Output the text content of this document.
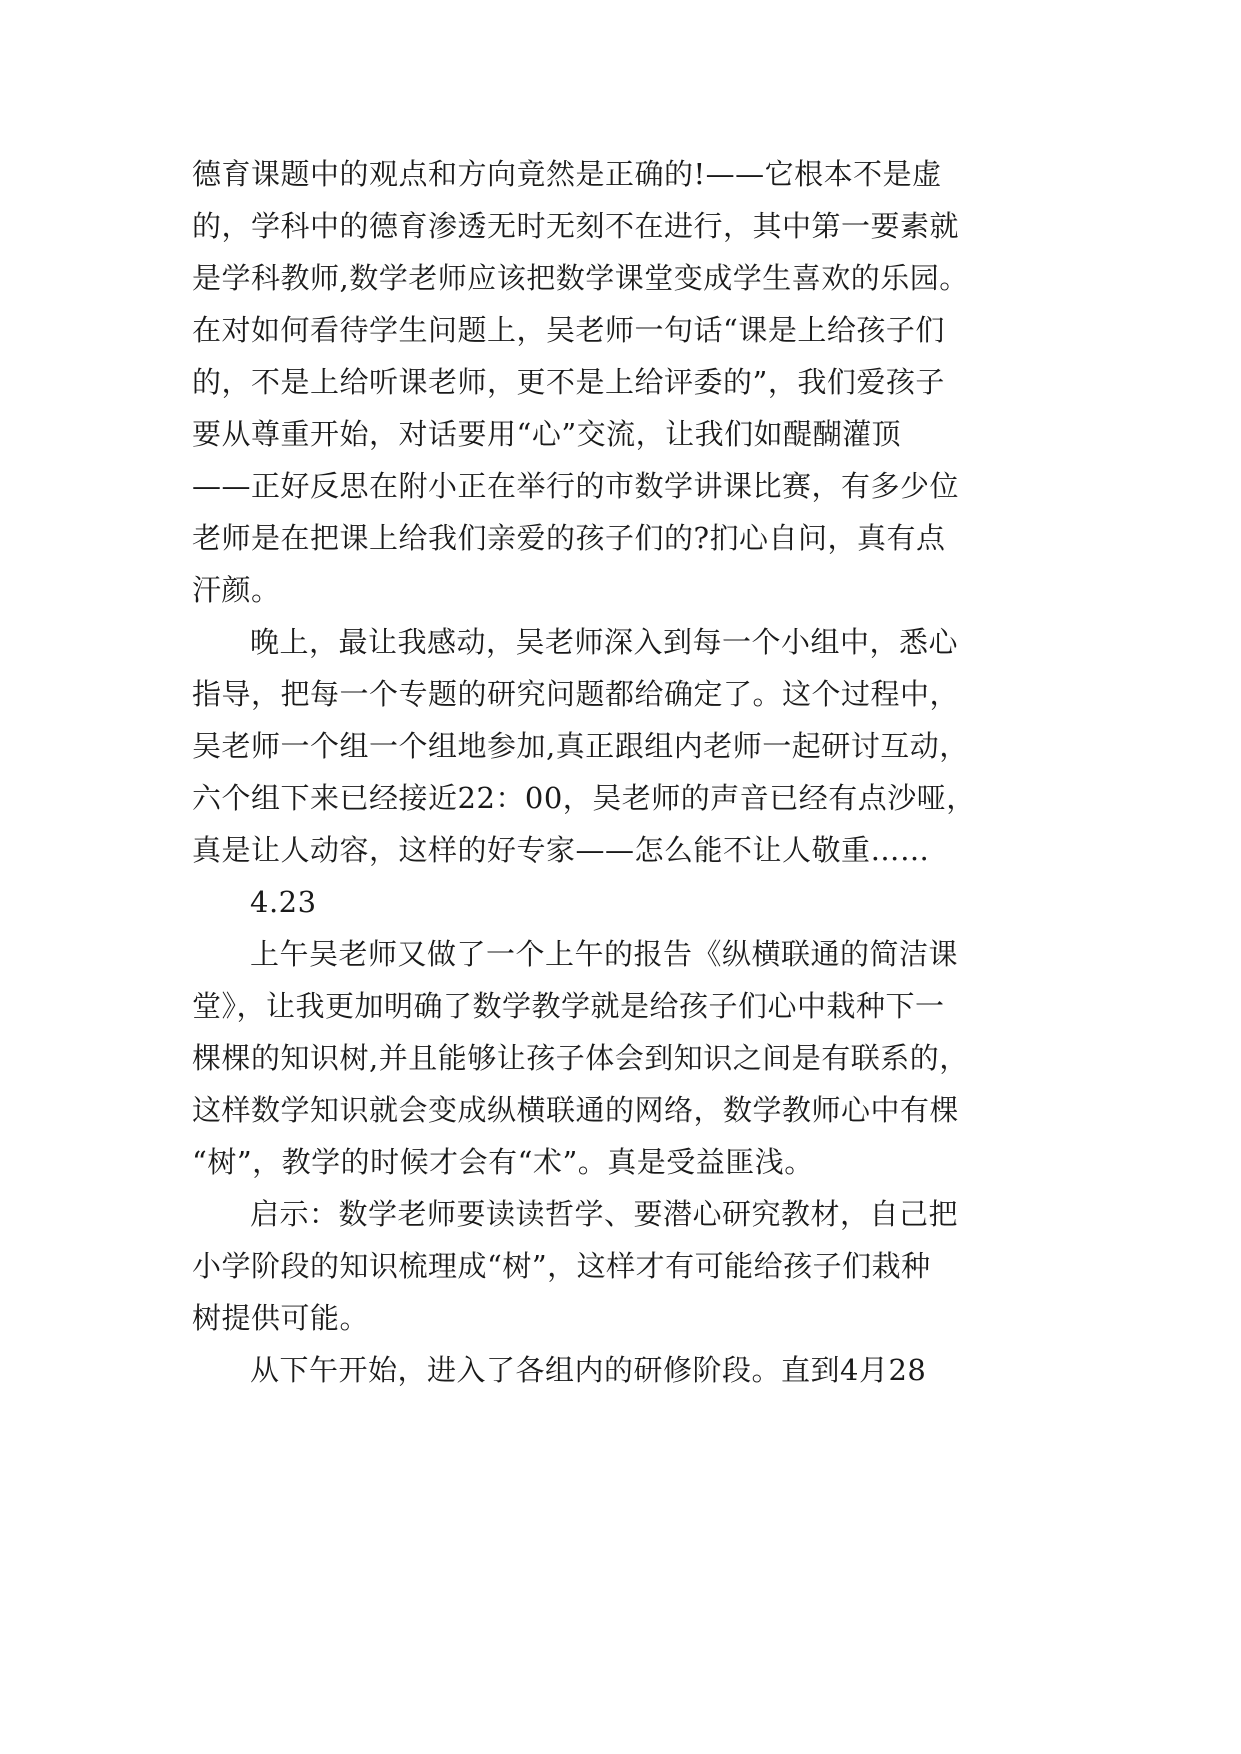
德育课题中的观点和方向竟然是正确的!——它根本不是虚
的，学科中的德育渗透无时无刻不在进行，其中第一要素就
是学科教师,数学老师应该把数学课堂变成学生喜欢的乐园。
在对如何看待学生问题上，吴老师一句话“课是上给孩子们
的，不是上给听课老师，更不是上给评委的”，我们爱孩子
要从尊重开始，对话要用“心”交流，让我们如醍醐灌顶
——正好反思在附小正在举行的市数学讲课比赛，有多少位
老师是在把课上给我们亲爱的孩子们的?扪心自问，真有点
汗颜。
晚上，最让我感动，吴老师深入到每一个小组中，悉心
指导，把每一个专题的研究问题都给确定了。这个过程中，
吴老师一个组一个组地参加,真正跟组内老师一起研讨互动，
六个组下来已经接近22：00，吴老师的声音已经有点沙哑，
真是让人动容，这样的好专家——怎么能不让人敬重……
4.23
上午吴老师又做了一个上午的报告《纵横联通的简洁课
堂》，让我更加明确了数学教学就是给孩子们心中栽种下一
棵棵的知识树,并且能够让孩子体会到知识之间是有联系的，
这样数学知识就会变成纵横联通的网络，数学教师心中有棵
“树”，教学的时候才会有“术”。真是受益匪浅。
启示：数学老师要读读哲学、要潜心研究教材，自己把
小学阶段的知识梳理成“树”，这样才有可能给孩子们栽种
树提供可能。
从下午开始，进入了各组内的研修阶段。直到4月28
